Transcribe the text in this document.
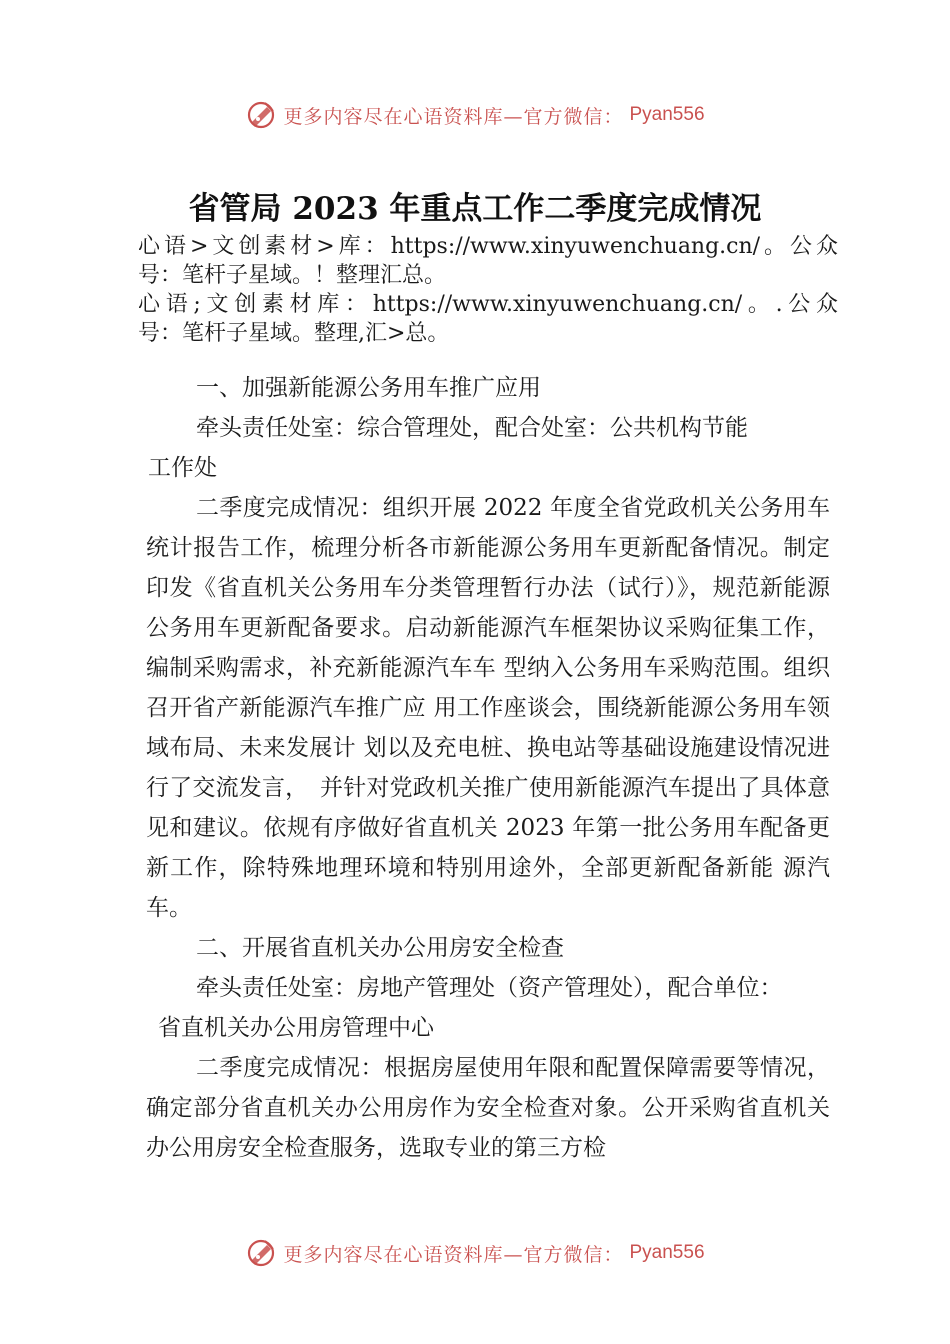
更多内容尽在心语资料库—官方微信： Pyan556
省管局 2023 年重点工作二季度完成情况

心语>文创素材>库：https://www.xinyuwenchuang.cn/。公众

号：笔杆子星域。！整理汇总。

心语;文创素材库：https://www.xinyuwenchuang.cn/。.公众

号：笔杆子星域。整理,汇>总。

一、加强新能源公务用车推广应用

牵头责任处室：综合管理处，配合处室：公共机构节能

工作处

二季度完成情况：组织开展 2022 年度全省党政机关公务用车统计报告工作，梳理分析各市新能源公务用车更新配备情况。制定印发《省直机关公务用车分类管理暂行办法（试行）》，规范新能源公务用车更新配备要求。启动新能源汽车框架协议采购征集工作，编制采购需求，补充新能源汽车车 型纳入公务用车采购范围。组织召开省产新能源汽车推广应 用工作座谈会，围绕新能源公务用车领域布局、未来发展计 划以及充电桩、换电站等基础设施建设情况进行了交流发言，　并针对党政机关推广使用新能源汽车提出了具体意见和建议。依规有序做好省直机关 2023 年第一批公务用车配备更新工作，除特殊地理环境和特别用途外，全部更新配备新能 源汽车。

二、开展省直机关办公用房安全检查

牵头责任处室：房地产管理处（资产管理处），配合单位：

省直机关办公用房管理中心

二季度完成情况：根据房屋使用年限和配置保障需要等情况，确定部分省直机关办公用房作为安全检查对象。公开采购省直机关办公用房安全检查服务，选取专业的第三方检

更多内容尽在心语资料库—官方微信： Pyan556
